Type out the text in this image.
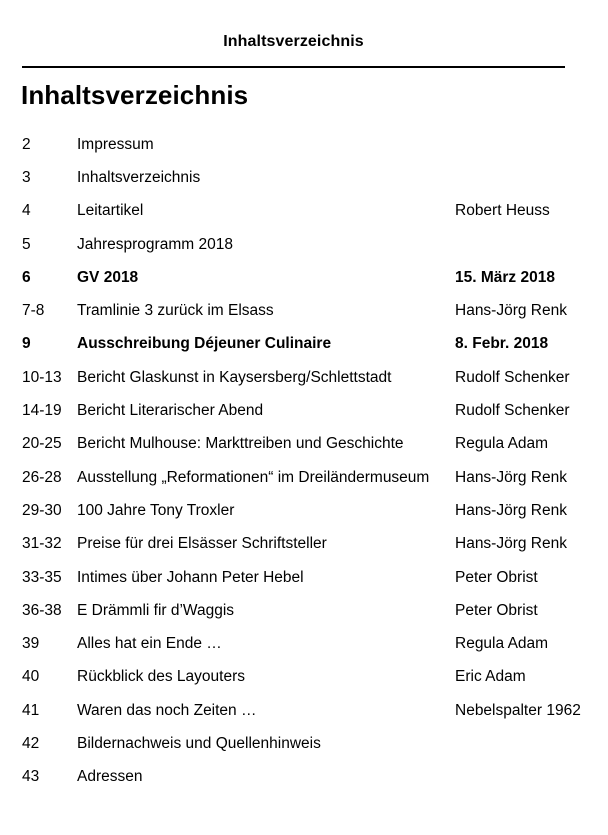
Inhaltsverzeichnis
Inhaltsverzeichnis
2	Impressum
3	Inhaltsverzeichnis
4	Leitartikel	Robert Heuss
5	Jahresprogramm 2018
6	GV 2018	15. März 2018
7-8	Tramlinie 3 zurück im Elsass	Hans-Jörg Renk
9	Ausschreibung Déjeuner Culinaire	8. Febr. 2018
10-13 Bericht Glaskunst in Kaysersberg/Schlettstadt	Rudolf Schenker
14-19 Bericht Literarischer Abend	Rudolf Schenker
20-25 Bericht Mulhouse: Markttreiben und Geschichte	Regula Adam
26-28 Ausstellung „Reformationen“ im Dreiländermuseum	Hans-Jörg Renk
29-30 100 Jahre Tony Troxler	Hans-Jörg Renk
31-32 Preise für drei Elsässer Schriftsteller	Hans-Jörg Renk
33-35 Intimes über Johann Peter Hebel	Peter Obrist
36-38 E Drämmli fir d’Waggis	Peter Obrist
39	Alles hat ein Ende …	Regula Adam
40	Rückblick des Layouters	Eric Adam
41	Waren das noch Zeiten …	Nebelspalter 1962
42	Bildernachweis und Quellenhinweis
43	Adressen
